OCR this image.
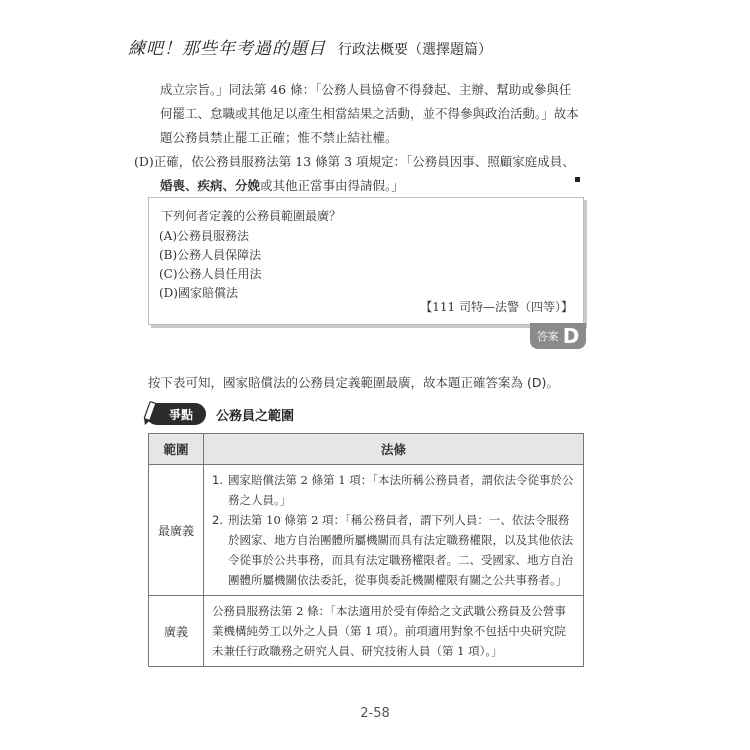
練吧！那些年考過的題目 行政法概要（選擇題篇）
成立宗旨。」同法第 46 條：「公務人員協會不得發起、主辦、幫助或參與任
何罷工、怠職或其他足以產生相當結果之活動，並不得參與政治活動。」故本
題公務員禁止罷工正確；惟不禁止結社權。
(D)正確，依公務員服務法第 13 條第 3 項規定：「公務員因事、照顧家庭成員、
婚喪、疾病、分娩或其他正當事由得請假。」
下列何者定義的公務員範圍最廣？
(A)公務員服務法
(B)公務人員保障法
(C)公務人員任用法
(D)國家賠償法
【111 司特—法警（四等）】
答案 D
按下表可知，國家賠償法的公務員定義範圍最廣，故本題正確答案為 (D)。
爭點 公務員之範圍
範圍	法條
最廣義	1. 國家賠償法第 2 條第 1 項：「本法所稱公務員者，謂依法令從事於公務之人員。」
2. 刑法第 10 條第 2 項：「稱公務員者，謂下列人員：一、依法令服務於國家、地方自治團體所屬機關而具有法定職務權限，以及其他依法令從事於公共事務，而具有法定職務權限者。二、受國家、地方自治團體所屬機關依法委託，從事與委託機關權限有關之公共事務者。」

廣義	公務員服務法第 2 條：「本法適用於受有俸給之文武職公務員及公營事業機構純勞工以外之人員（第 1 項）。前項適用對象不包括中央研究院未兼任行政職務之研究人員、研究技術人員（第 1 項）。」
2-58
